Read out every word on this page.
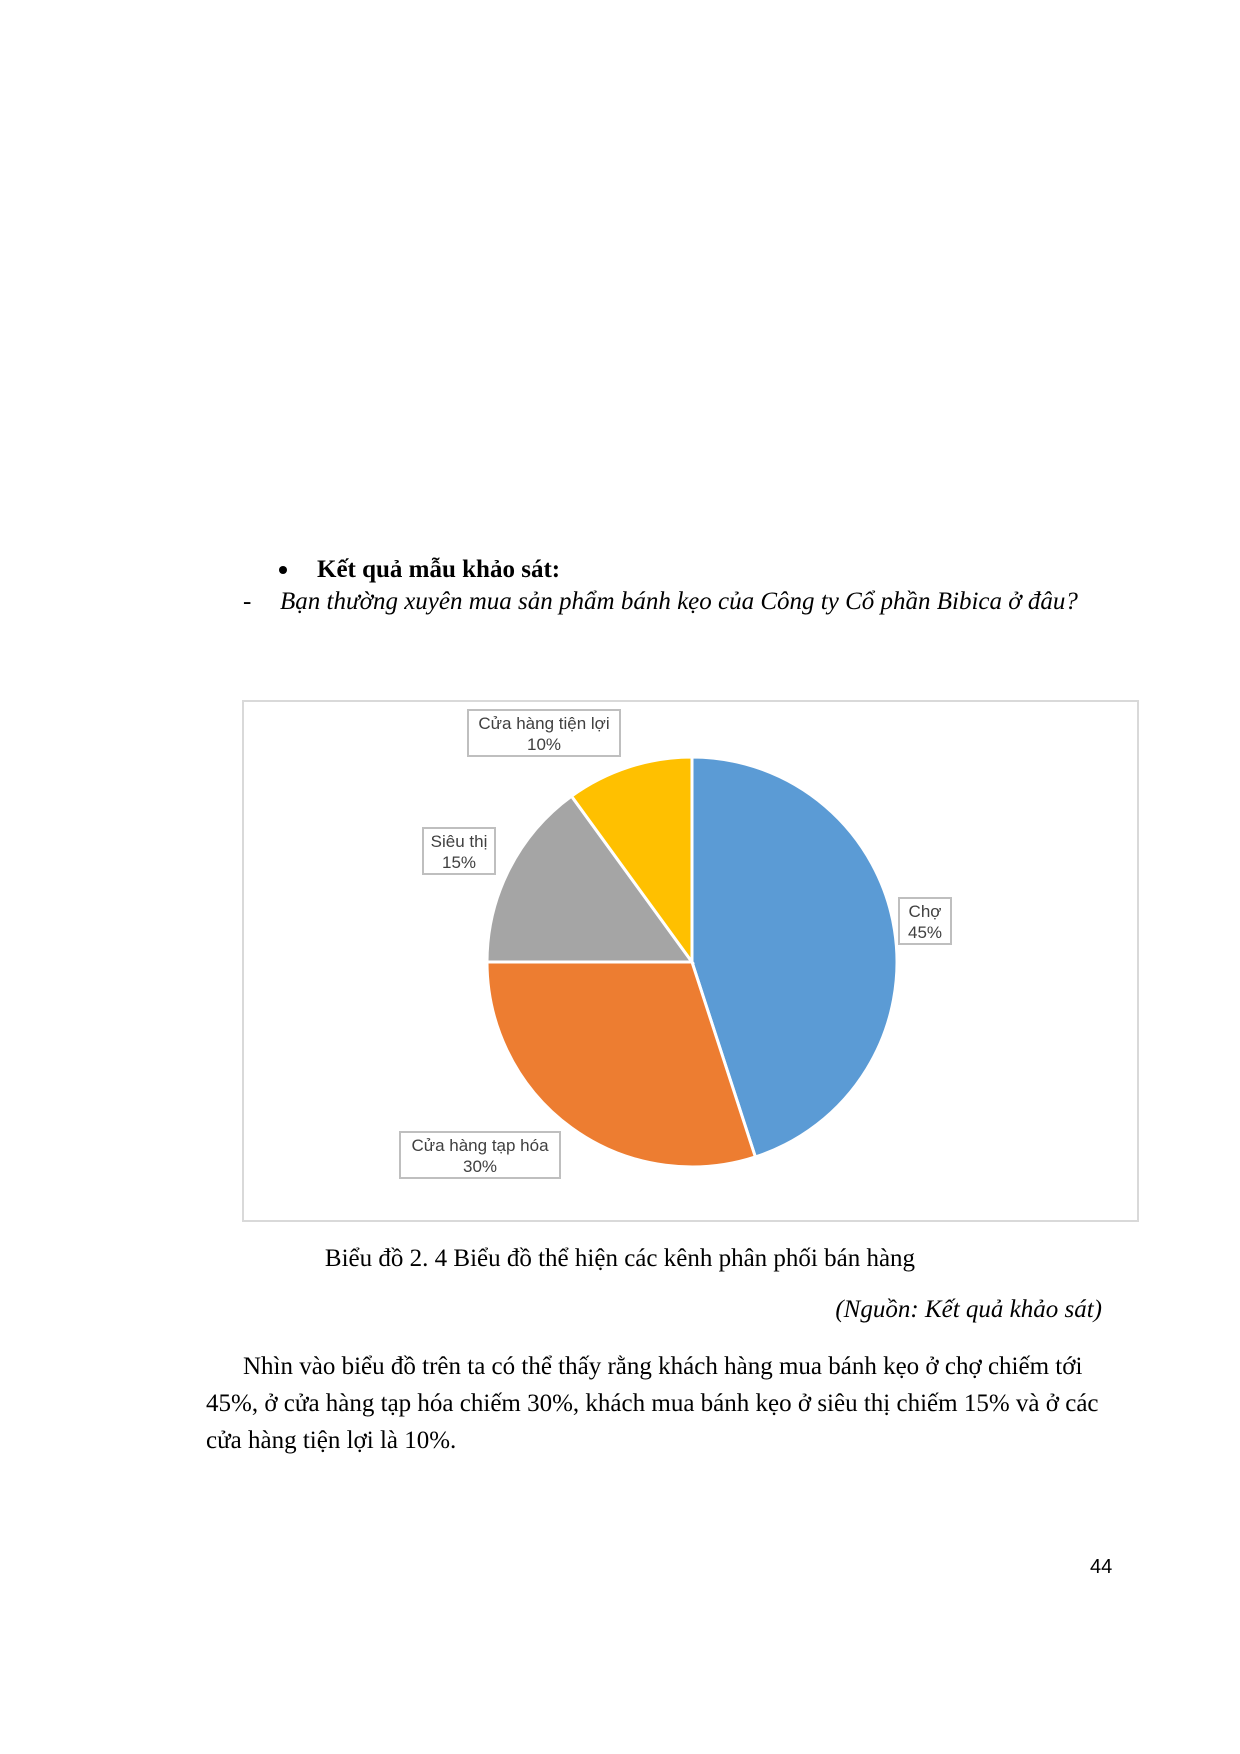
Kết quả mẫu khảo sát:
-	Bạn thường xuyên mua sản phẩm bánh kẹo của Công ty Cổ phần Bibica ở đâu?
Chợ
45%
Cửa hàng tạp hóa
30%
Siêu thị
15%
Cửa hàng tiện lợi
10%
Biểu đồ 2. 4 Biểu đồ thể hiện các kênh phân phối bán hàng
(Nguồn: Kết quả khảo sát)

Nhìn vào biểu đồ trên ta có thể thấy rằng khách hàng mua bánh kẹo ở chợ chiếm tới 45%, ở cửa hàng tạp hóa chiếm 30%, khách mua bánh kẹo ở siêu thị chiếm 15% và ở các cửa hàng tiện lợi là 10%.

44
